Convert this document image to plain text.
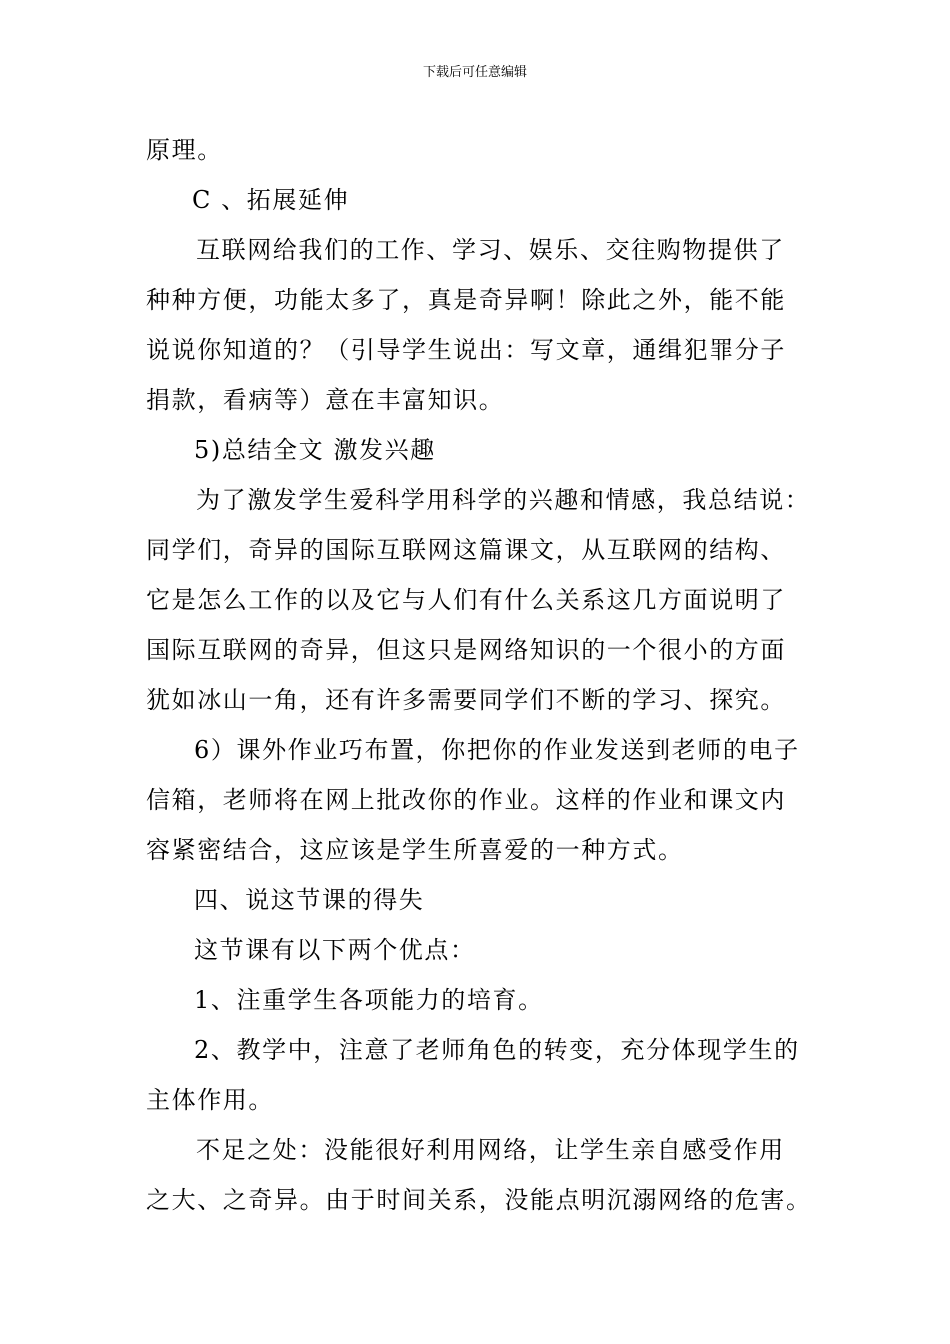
下载后可任意编辑

原理。

C 、拓展延伸

互联网给我们的工作、学习、娱乐、交往购物提供了

种种方便，功能太多了，真是奇异啊！除此之外，能不能

说说你知道的？（引导学生说出：写文章，通缉犯罪分子

捐款，看病等）意在丰富知识。

5)总结全文 激发兴趣

为了激发学生爱科学用科学的兴趣和情感，我总结说：

同学们，奇异的国际互联网这篇课文，从互联网的结构、

它是怎么工作的以及它与人们有什么关系这几方面说明了

国际互联网的奇异，但这只是网络知识的一个很小的方面

犹如冰山一角，还有许多需要同学们不断的学习、探究。

6）课外作业巧布置，你把你的作业发送到老师的电子

信箱，老师将在网上批改你的作业。这样的作业和课文内

容紧密结合，这应该是学生所喜爱的一种方式。

四、说这节课的得失

这节课有以下两个优点：

1、注重学生各项能力的培育。

2、教学中，注意了老师角色的转变，充分体现学生的

主体作用。

不足之处：没能很好利用网络，让学生亲自感受作用

之大、之奇异。由于时间关系，没能点明沉溺网络的危害。
